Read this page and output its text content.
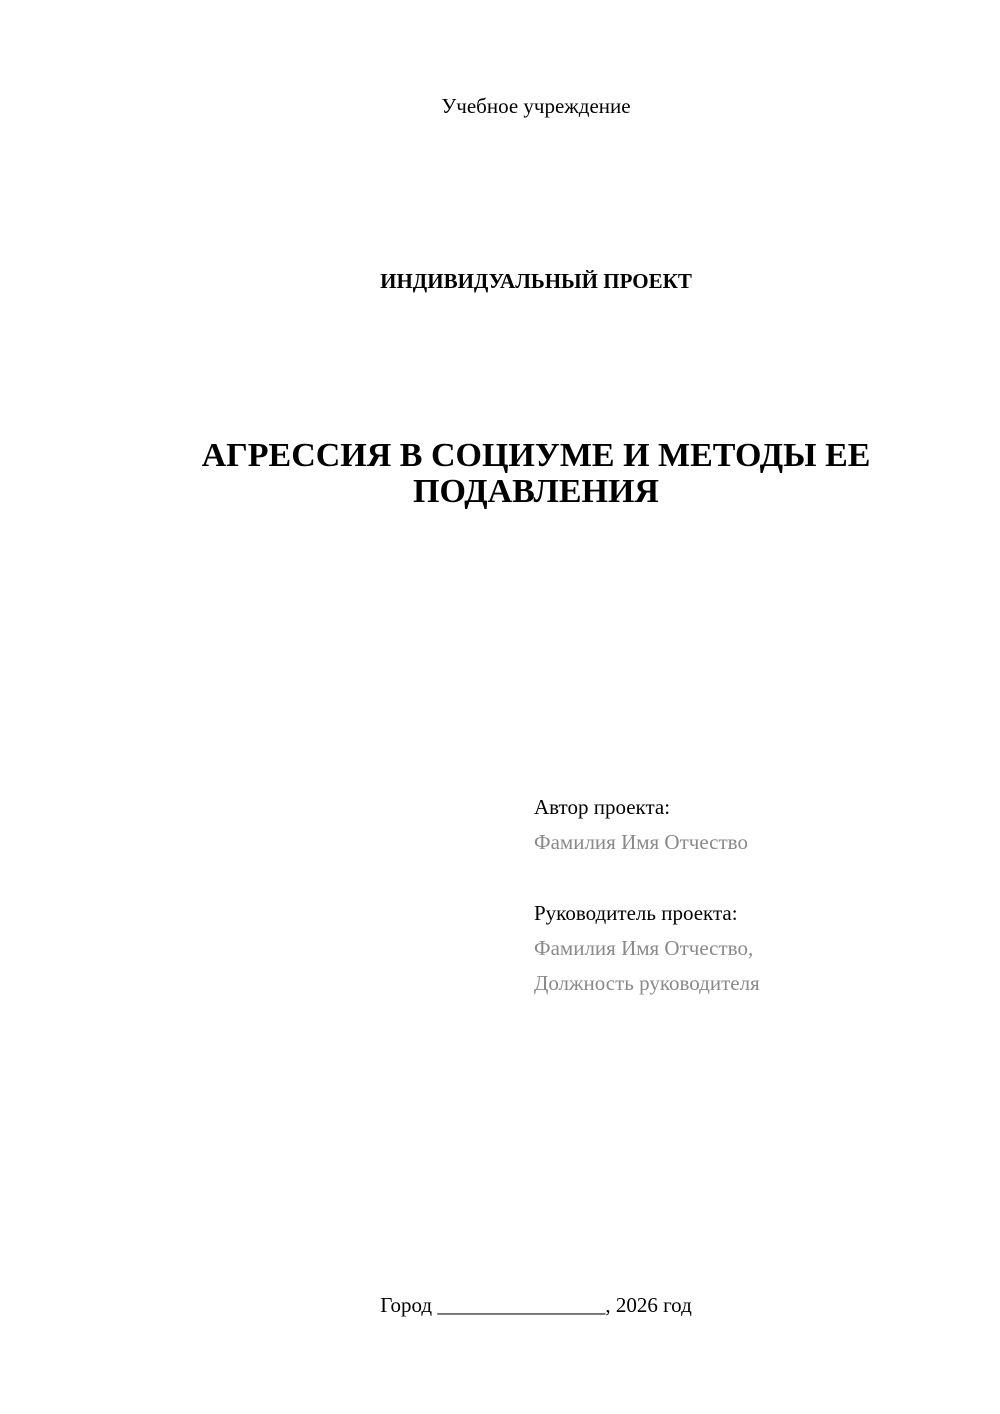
Учебное учреждение
ИНДИВИДУАЛЬНЫЙ ПРОЕКТ
АГРЕССИЯ В СОЦИУМЕ И МЕТОДЫ ЕЕ
ПОДАВЛЕНИЯ
Автор проекта:
Фамилия Имя Отчество
Руководитель проекта:
Фамилия Имя Отчество,
Должность руководителя
Город ________________, 2026 год
